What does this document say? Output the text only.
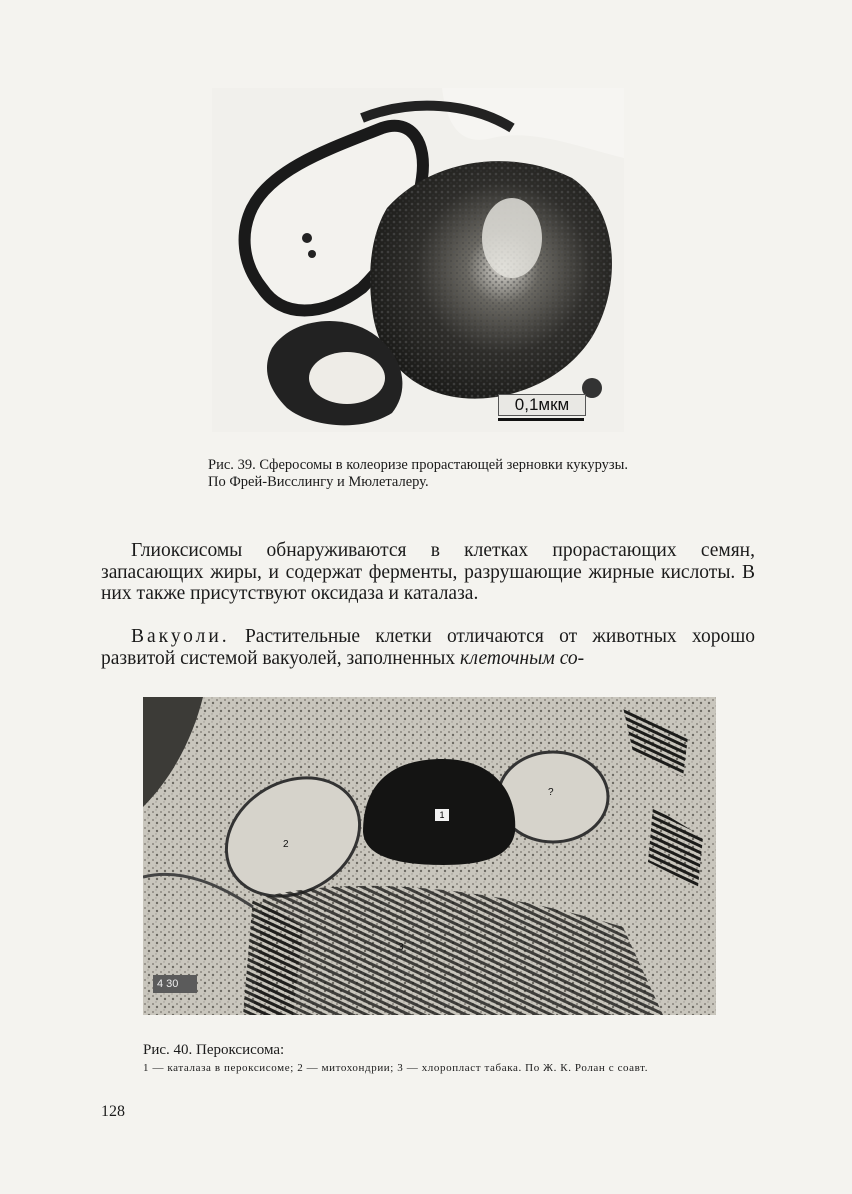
0,1мкм
Рис. 39. Сферосомы в колеоризе прорастающей зерновки кукурузы. По Фрей-Висслингу и Мюлеталеру.

Глиоксисомы обнаруживаются в клетках прорастающих семян, запасающих жиры, и содержат ферменты, разрушающие жирные кислоты. В них также присутствуют оксидаза и каталаза.

Вакуоли. Растительные клетки отличаются от животных хорошо развитой системой вакуолей, заполненных клеточным со-

1
2
?
3
4 30
Рис. 40. Пероксисома:
1 — каталаза в пероксисоме; 2 — митохондрии; 3 — хлоропласт табака. По Ж. К. Ролан с соавт.
128
